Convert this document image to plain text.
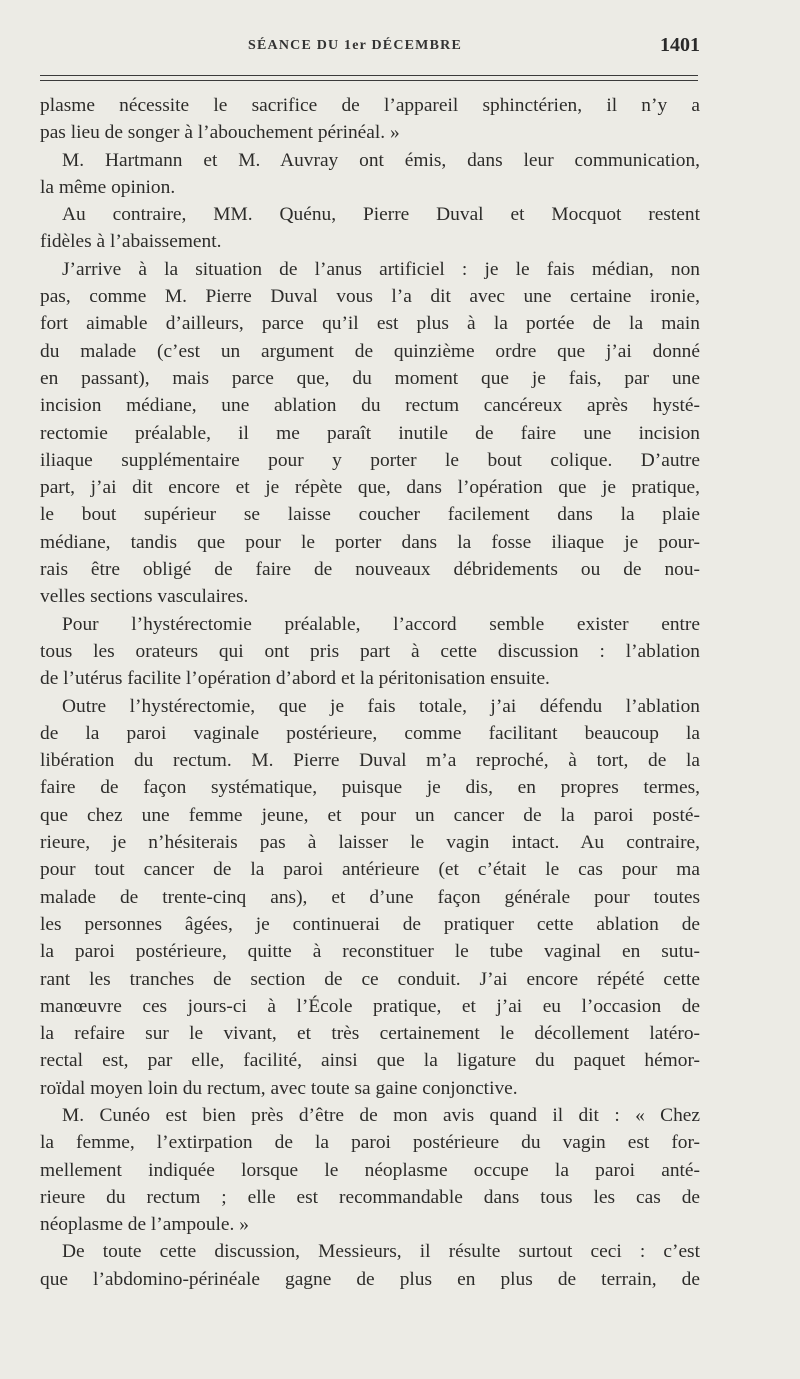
SÉANCE DU 1er DÉCEMBRE	1401
plasme nécessite le sacrifice de l’appareil sphinctérien, il n’y a
pas lieu de songer à l’abouchement périnéal. »
M. Hartmann et M. Auvray ont émis, dans leur communication,
la même opinion.
Au contraire, MM. Quénu, Pierre Duval et Mocquot restent
fidèles à l’abaissement.
J’arrive à la situation de l’anus artificiel : je le fais médian, non
pas, comme M. Pierre Duval vous l’a dit avec une certaine ironie,
fort aimable d’ailleurs, parce qu’il est plus à la portée de la main
du malade (c’est un argument de quinzième ordre que j’ai donné
en passant), mais parce que, du moment que je fais, par une
incision médiane, une ablation du rectum cancéreux après hysté-
rectomie préalable, il me paraît inutile de faire une incision
iliaque supplémentaire pour y porter le bout colique. D’autre
part, j’ai dit encore et je répète que, dans l’opération que je pratique,
le bout supérieur se laisse coucher facilement dans la plaie
médiane, tandis que pour le porter dans la fosse iliaque je pour-
rais être obligé de faire de nouveaux débridements ou de nou-
velles sections vasculaires.
Pour l’hystérectomie préalable, l’accord semble exister entre
tous les orateurs qui ont pris part à cette discussion : l’ablation
de l’utérus facilite l’opération d’abord et la péritonisation ensuite.
Outre l’hystérectomie, que je fais totale, j’ai défendu l’ablation
de la paroi vaginale postérieure, comme facilitant beaucoup la
libération du rectum. M. Pierre Duval m’a reproché, à tort, de la
faire de façon systématique, puisque je dis, en propres termes,
que chez une femme jeune, et pour un cancer de la paroi posté-
rieure, je n’hésiterais pas à laisser le vagin intact. Au contraire,
pour tout cancer de la paroi antérieure (et c’était le cas pour ma
malade de trente-cinq ans), et d’une façon générale pour toutes
les personnes âgées, je continuerai de pratiquer cette ablation de
la paroi postérieure, quitte à reconstituer le tube vaginal en sutu-
rant les tranches de section de ce conduit. J’ai encore répété cette
manœuvre ces jours-ci à l’École pratique, et j’ai eu l’occasion de
la refaire sur le vivant, et très certainement le décollement latéro-
rectal est, par elle, facilité, ainsi que la ligature du paquet hémor-
roïdal moyen loin du rectum, avec toute sa gaine conjonctive.
M. Cunéo est bien près d’être de mon avis quand il dit : « Chez
la femme, l’extirpation de la paroi postérieure du vagin est for-
mellement indiquée lorsque le néoplasme occupe la paroi anté-
rieure du rectum ; elle est recommandable dans tous les cas de
néoplasme de l’ampoule. »
De toute cette discussion, Messieurs, il résulte surtout ceci : c’est
que l’abdomino-périnéale gagne de plus en plus de terrain, de
